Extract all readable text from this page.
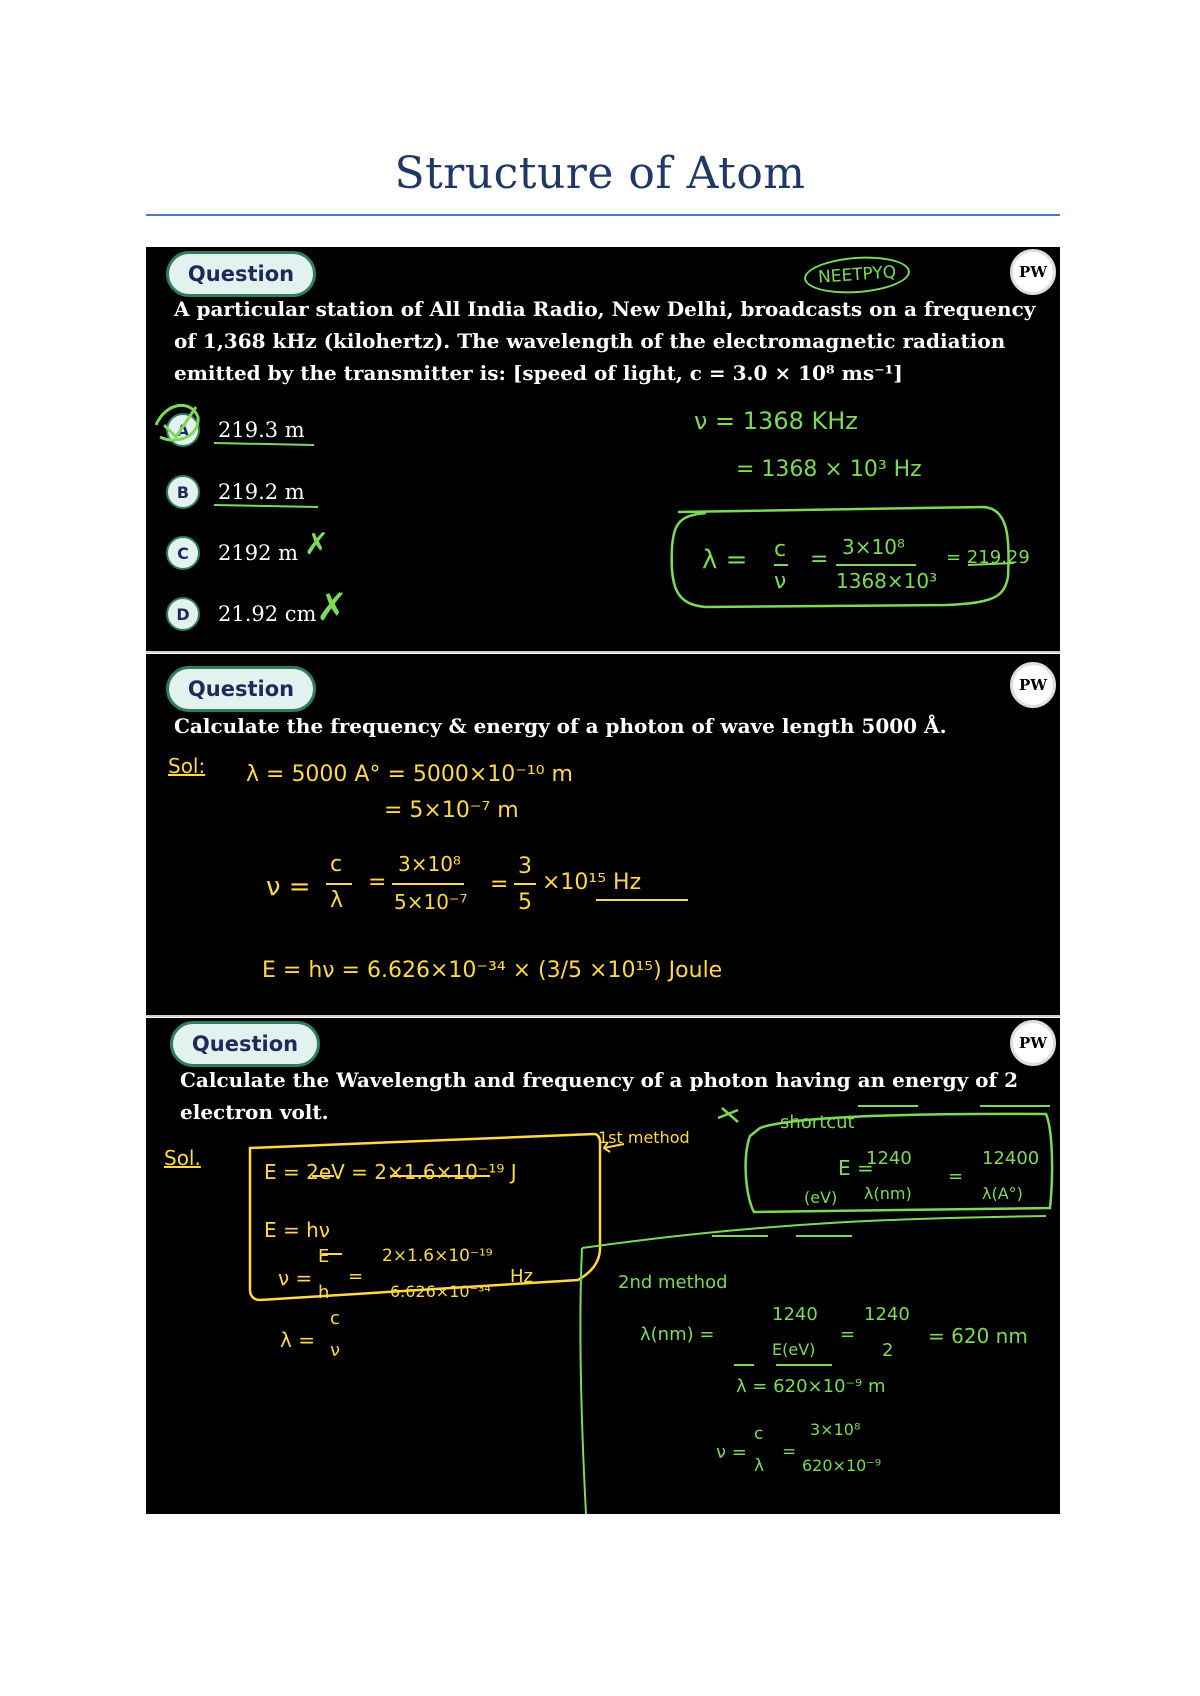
Structure of Atom
Question	NEETPYQ	PW
A particular station of All India Radio, New Delhi, broadcasts on a frequency
of 1,368 kHz (kilohertz). The wavelength of the electromagnetic radiation
emitted by the transmitter is: [speed of light, c = 3.0 × 10⁸ ms⁻¹]
A	219.3 m
B	219.2 m
C	2192 m
D	21.92 cm
✗
✗
ν = 1368 KHz
= 1368 × 10³ Hz
λ = c
ν
= 3×10⁸
1368×10³
= 219.29
Question	PW
Calculate the frequency & energy of a photon of wave length 5000 Å.
Sol: λ = 5000 A° = 5000×10⁻¹⁰ m
= 5×10⁻⁷ m
ν =
c
λ
=
3×10⁸
5×10⁻⁷
=
3
5
×10¹⁵ Hz
E = hν = 6.626×10⁻³⁴ × (3/5 ×10¹⁵) Joule
Question	PW
Calculate the Wavelength and frequency of a photon having an energy of 2
electron volt.
Sol.
1st method
E = 2eV = 2×1.6×10⁻¹⁹ J
E = hν
ν =
E
h
=
2×1.6×10⁻¹⁹
6.626×10⁻³⁴
Hz
λ =
c
ν
shortcut
E =
(eV)
1240
λ(nm)
=
12400
λ(A°)
2nd method
λ(nm) =
1240
E(eV)
=
1240
2
= 620 nm
λ = 620×10⁻⁹ m
ν =
c
λ
=
3×10⁸
620×10⁻⁹
